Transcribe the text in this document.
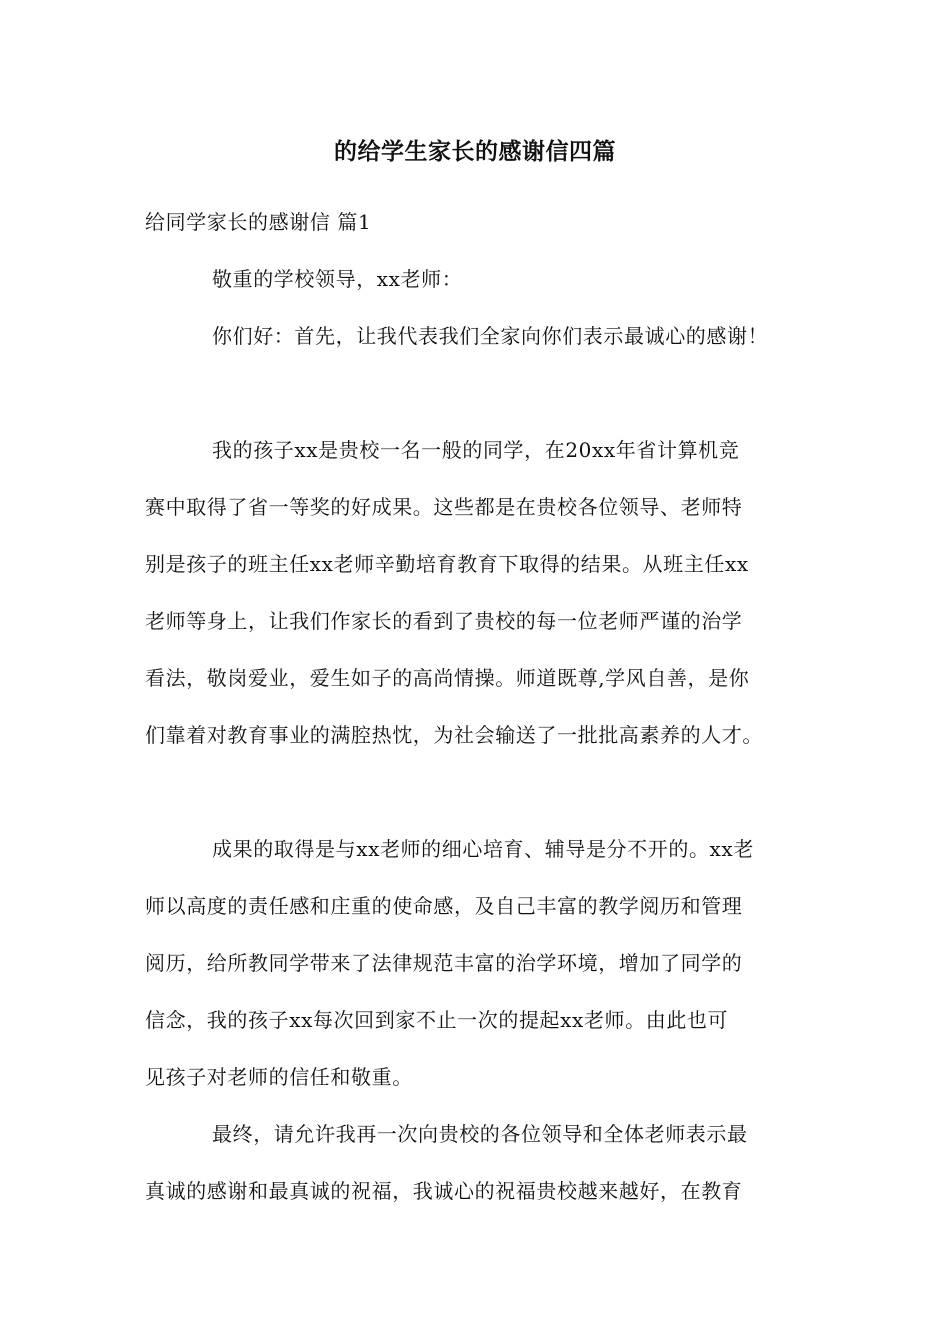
的给学生家长的感谢信四篇
给同学家长的感谢信 篇1
敬重的学校领导，xx老师：
你们好：首先，让我代表我们全家向你们表示最诚心的感谢！
我的孩子xx是贵校一名一般的同学，在20xx年省计算机竞
赛中取得了省一等奖的好成果。这些都是在贵校各位领导、老师特
别是孩子的班主任xx老师辛勤培育教育下取得的结果。从班主任xx
老师等身上，让我们作家长的看到了贵校的每一位老师严谨的治学
看法，敬岗爱业，爱生如子的高尚情操。师道既尊,学风自善，是你
们靠着对教育事业的满腔热忱，为社会输送了一批批高素养的人才。
成果的取得是与xx老师的细心培育、辅导是分不开的。xx老
师以高度的责任感和庄重的使命感，及自己丰富的教学阅历和管理
阅历，给所教同学带来了法律规范丰富的治学环境，增加了同学的
信念，我的孩子xx每次回到家不止一次的提起xx老师。由此也可
见孩子对老师的信任和敬重。
最终，请允许我再一次向贵校的各位领导和全体老师表示最
真诚的感谢和最真诚的祝福，我诚心的祝福贵校越来越好，在教育
